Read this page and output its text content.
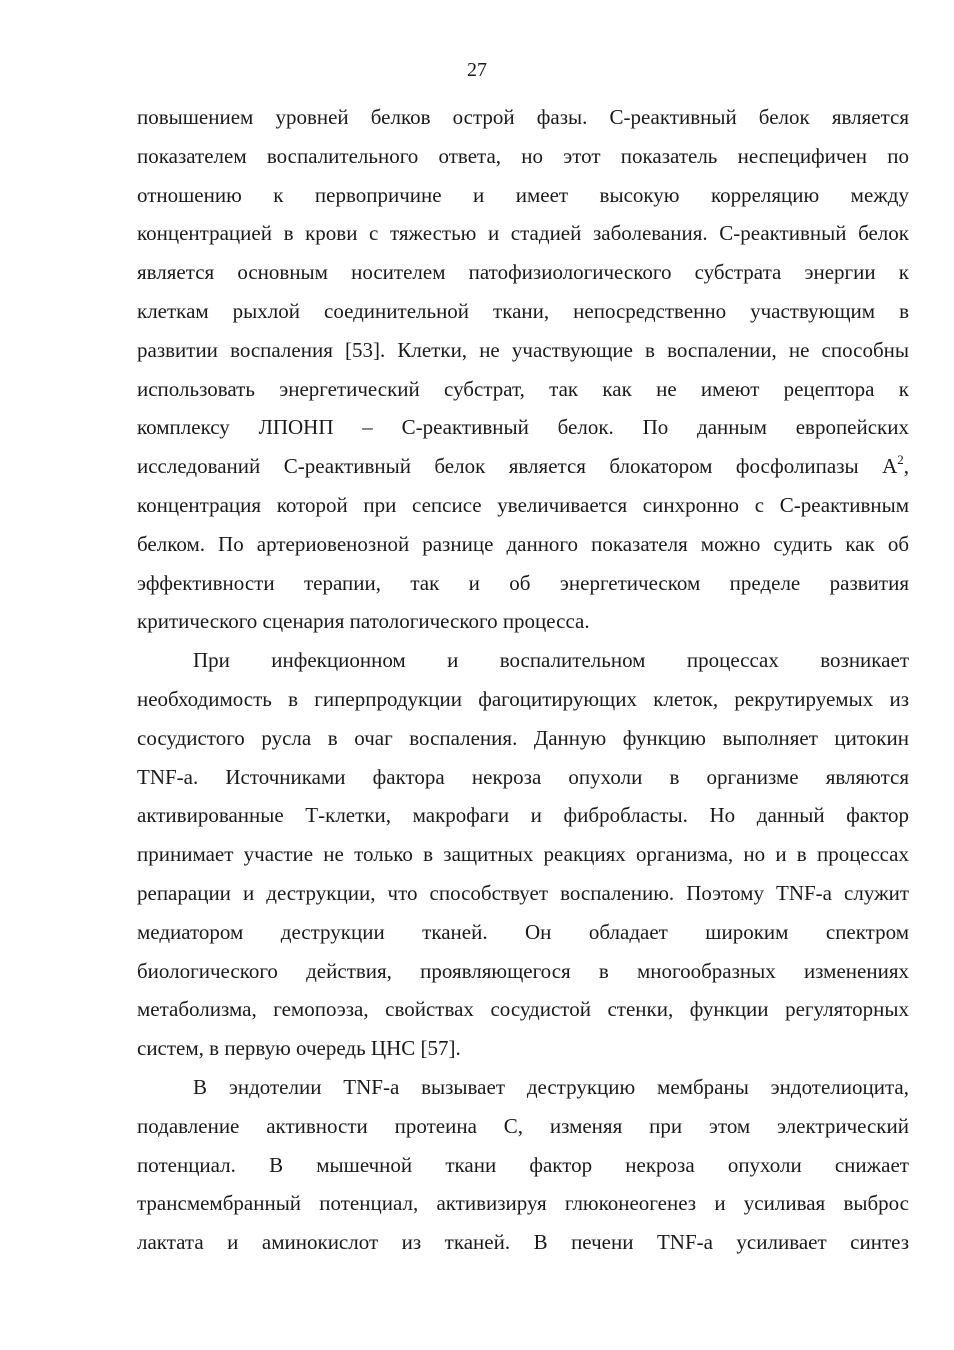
27
повышением уровней белков острой фазы. С-реактивный белок является
показателем воспалительного ответа, но этот показатель неспецифичен по
отношению к первопричине и имеет высокую корреляцию между
концентрацией в крови с тяжестью и стадией заболевания. С-реактивный белок
является основным носителем патофизиологического субстрата энергии к
клеткам рыхлой соединительной ткани, непосредственно участвующим в
развитии воспаления [53]. Клетки, не участвующие в воспалении, не способны
использовать энергетический субстрат, так как не имеют рецептора к
комплексу ЛПОНП – С-реактивный белок. По данным европейских
исследований С-реактивный белок является блокатором фосфолипазы $А^2$,
концентрация которой при сепсисе увеличивается синхронно с С-реактивным
белком. По артериовенозной разнице данного показателя можно судить как об
эффективности терапии, так и об энергетическом пределе развития
критического сценария патологического процесса.
При инфекционном и воспалительном процессах возникает
необходимость в гиперпродукции фагоцитирующих клеток, рекрутируемых из
сосудистого русла в очаг воспаления. Данную функцию выполняет цитокин
TNF-a. Источниками фактора некроза опухоли в организме являются
активированные Т-клетки, макрофаги и фибробласты. Но данный фактор
принимает участие не только в защитных реакциях организма, но и в процессах
репарации и деструкции, что способствует воспалению. Поэтому TNF-a служит
медиатором деструкции тканей. Он обладает широким спектром
биологического действия, проявляющегося в многообразных изменениях
метаболизма, гемопоэза, свойствах сосудистой стенки, функции регуляторных
систем, в первую очередь ЦНС [57].
В эндотелии TNF-a вызывает деструкцию мембраны эндотелиоцита,
подавление активности протеина С, изменяя при этом электрический
потенциал. В мышечной ткани фактор некроза опухоли снижает
трансмембранный потенциал, активизируя глюконеогенез и усиливая выброс
лактата и аминокислот из тканей. В печени TNF-a усиливает синтез
